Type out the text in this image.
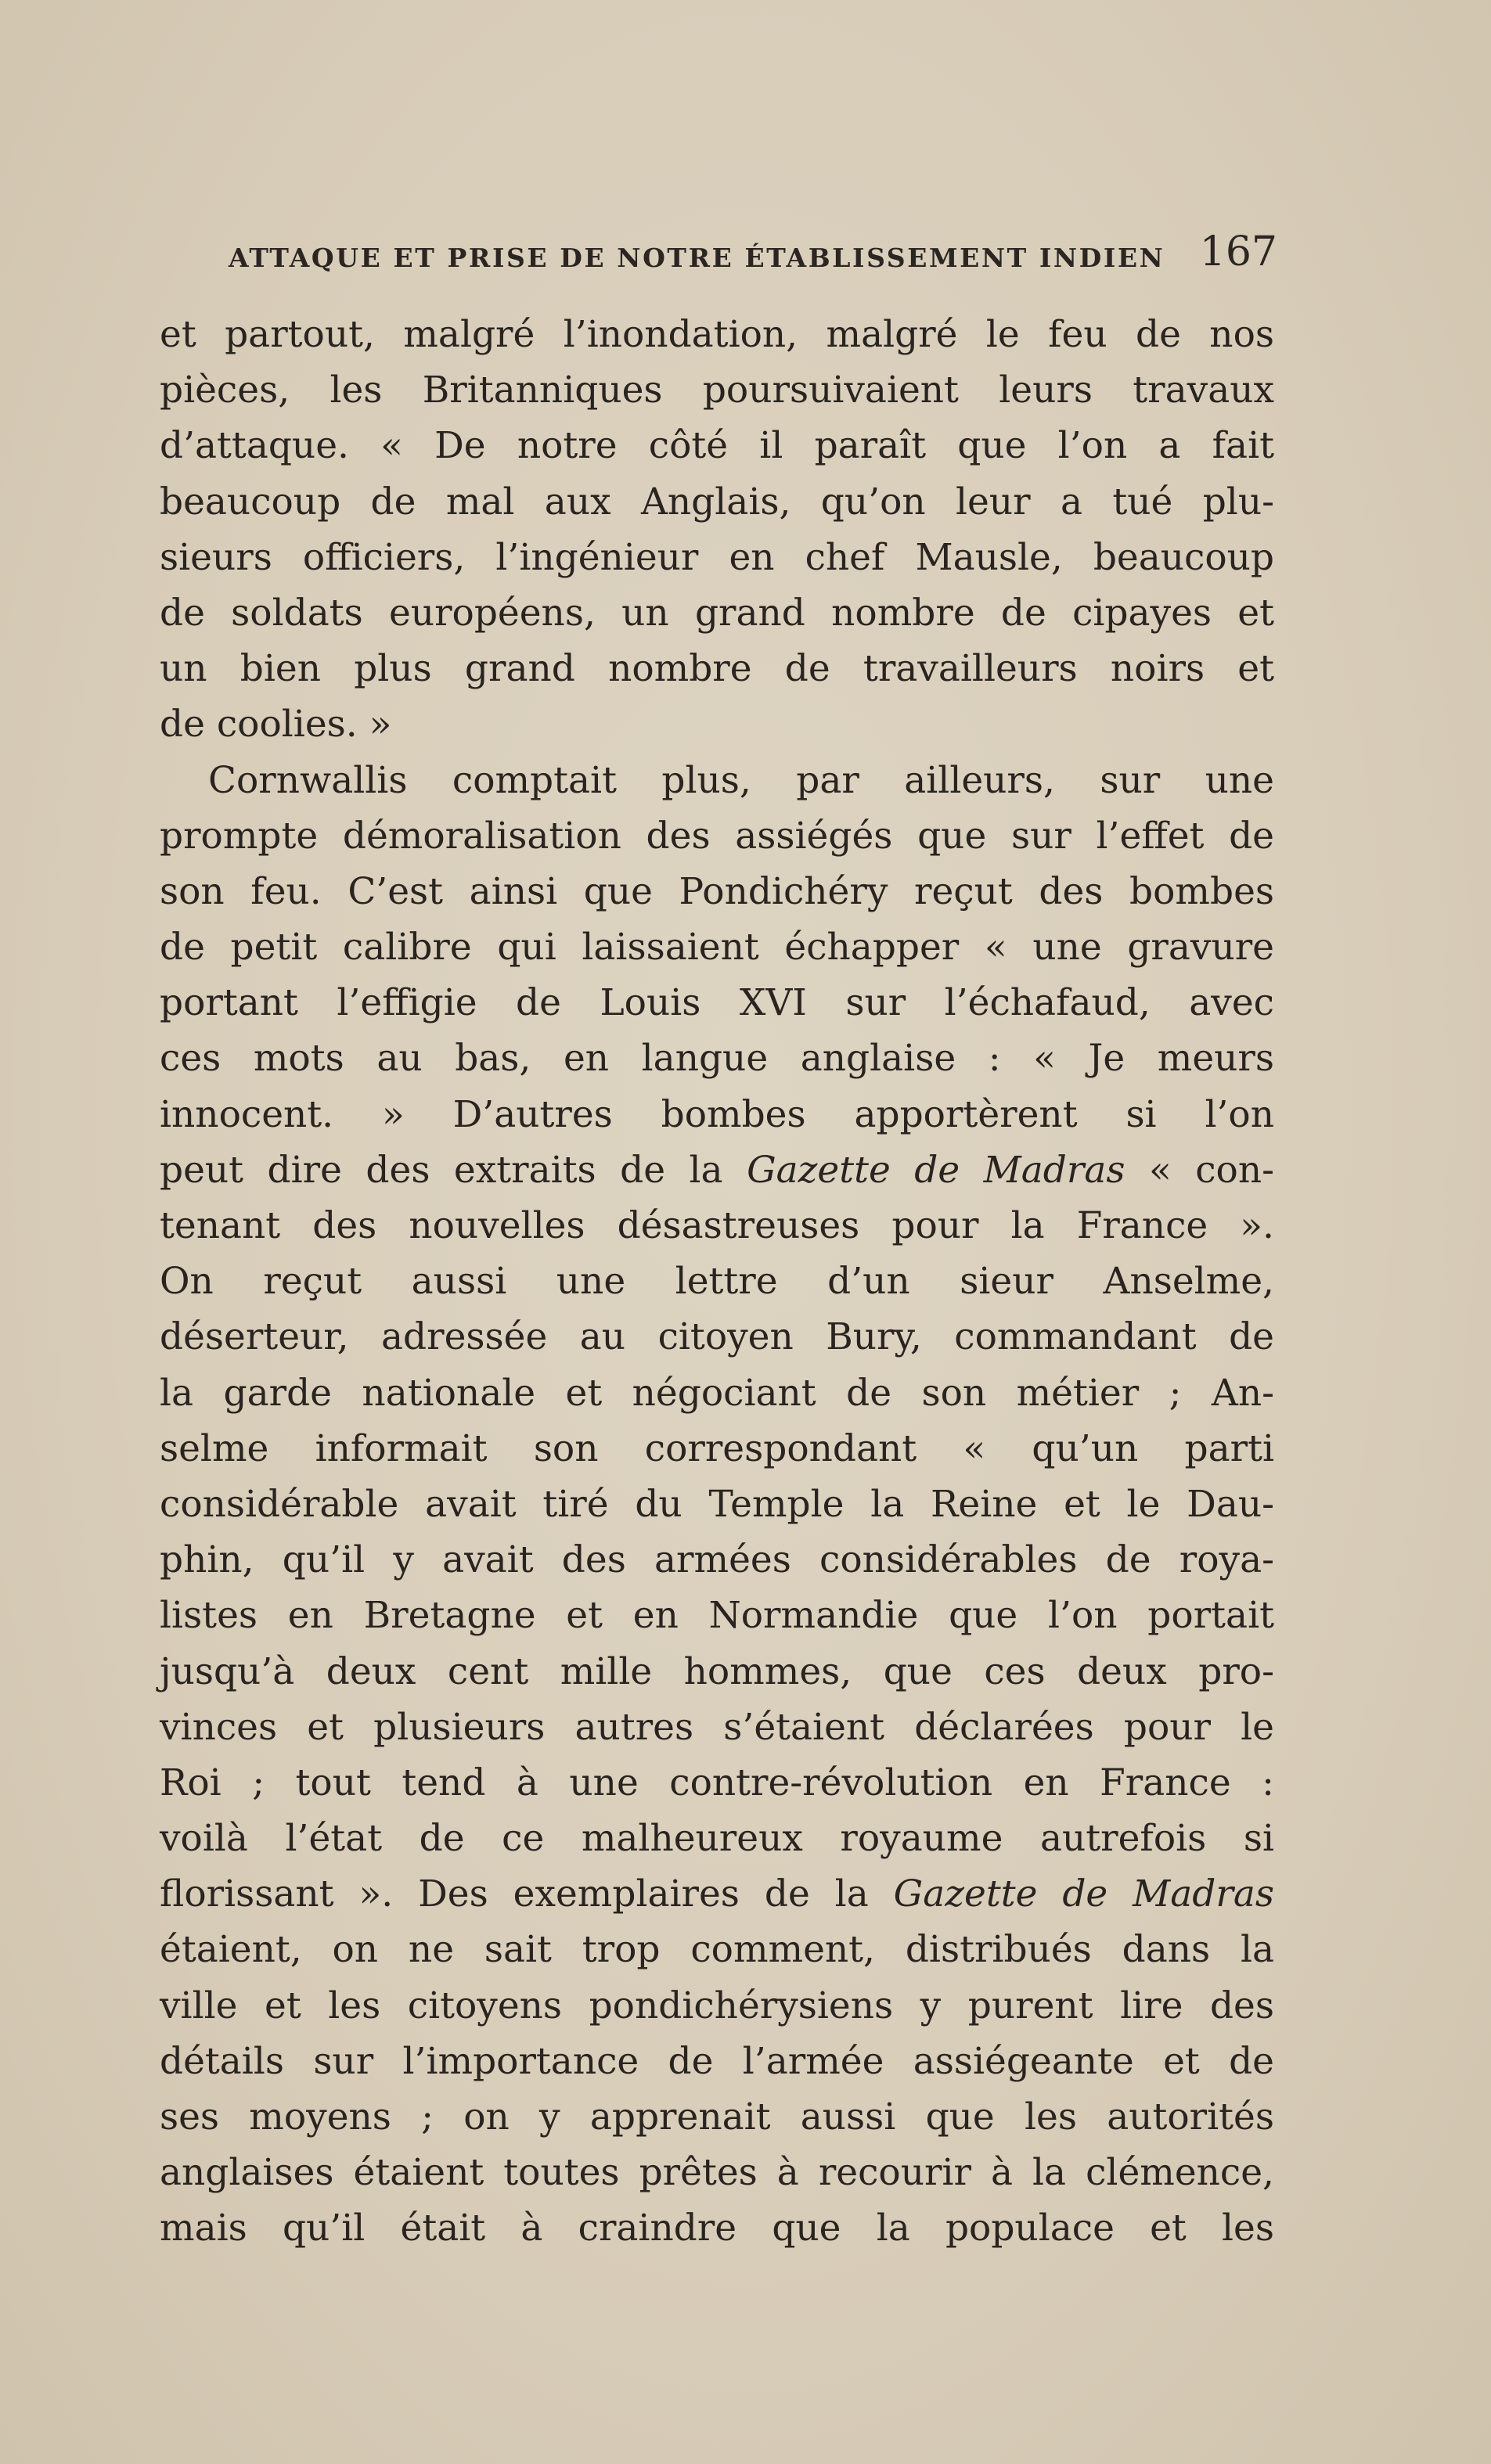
ATTAQUE ET PRISE DE NOTRE ÉTABLISSEMENT INDIEN 167
et partout, malgré l’inondation, malgré le feu de nos
pièces, les Britanniques poursuivaient leurs travaux
d’attaque. « De notre côté il paraît que l’on a fait
beaucoup de mal aux Anglais, qu’on leur a tué plu-
sieurs officiers, l’ingénieur en chef Mausle, beaucoup
de soldats européens, un grand nombre de cipayes et
un bien plus grand nombre de travailleurs noirs et
de coolies. »
Cornwallis comptait plus, par ailleurs, sur une
prompte démoralisation des assiégés que sur l’effet de
son feu. C’est ainsi que Pondichéry reçut des bombes
de petit calibre qui laissaient échapper « une gravure
portant l’effigie de Louis XVI sur l’échafaud, avec
ces mots au bas, en langue anglaise : « Je meurs
innocent. » D’autres bombes apportèrent si l’on
peut dire des extraits de la Gazette de Madras « con-
tenant des nouvelles désastreuses pour la France ».
On reçut aussi une lettre d’un sieur Anselme,
déserteur, adressée au citoyen Bury, commandant de
la garde nationale et négociant de son métier ; An-
selme informait son correspondant « qu’un parti
considérable avait tiré du Temple la Reine et le Dau-
phin, qu’il y avait des armées considérables de roya-
listes en Bretagne et en Normandie que l’on portait
jusqu’à deux cent mille hommes, que ces deux pro-
vinces et plusieurs autres s’étaient déclarées pour le
Roi ; tout tend à une contre-révolution en France :
voilà l’état de ce malheureux royaume autrefois si
florissant ». Des exemplaires de la Gazette de Madras
étaient, on ne sait trop comment, distribués dans la
ville et les citoyens pondichérysiens y purent lire des
détails sur l’importance de l’armée assiégeante et de
ses moyens ; on y apprenait aussi que les autorités
anglaises étaient toutes prêtes à recourir à la clémence,
mais qu’il était à craindre que la populace et les
